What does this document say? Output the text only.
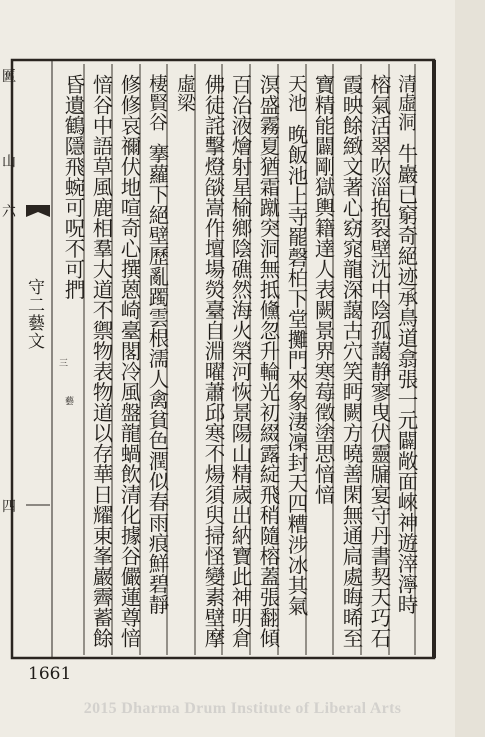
匶
山
六
四
守二藝文
三
藝
清虛洞牛巖已窮奇絕迹承鳥道翕張一元闢敞面崍神遊滓濘時
榕氣活翠吹淄抱裂壁沈中陰孤藹静寥曳伏靈牖宴守丹書契天巧石
霞映餘緻文著心窈窕龍深藹古穴笑眄闕方曉善閑無通扃處晦晞至
寶精能闢剛獄輿籍達人表闕景界寒莓徵塗思愔愔
天池晚飯池上寺罷磬柏下堂攤門來象淒凜封天四糟涉冰其氣
溟盛霧夏猶霜蹴突洞無抵儵忽升輪光初綴露綻飛稍隨榕蓋張翻傾
百冶液燴射星榆鄉陰礁然海火榮河恢景陽山精歲出納寶此神明倉
佛徒詫擊燈燄嵩作壇場熒臺自淵曜蕭邱寒不煬須臾掃怪變素壁摩
虛梁
棲賢谷搴蘿下絕壁歷亂躅雲根濡人禽貧色潤似春雨痕鮮碧靜
修修哀禰伏地喧奇心撰蒽崎臺閣冷風盤龍蝸飲清化據谷儼蓮尊愔
愔谷中語草風鹿相羣大道不禦物表物道以存華日耀東峯巖霽蓄餘
昏遺鶴隱飛蜿可呪不可捫
1661
2015 Dharma Drum Institute of Liberal Arts
